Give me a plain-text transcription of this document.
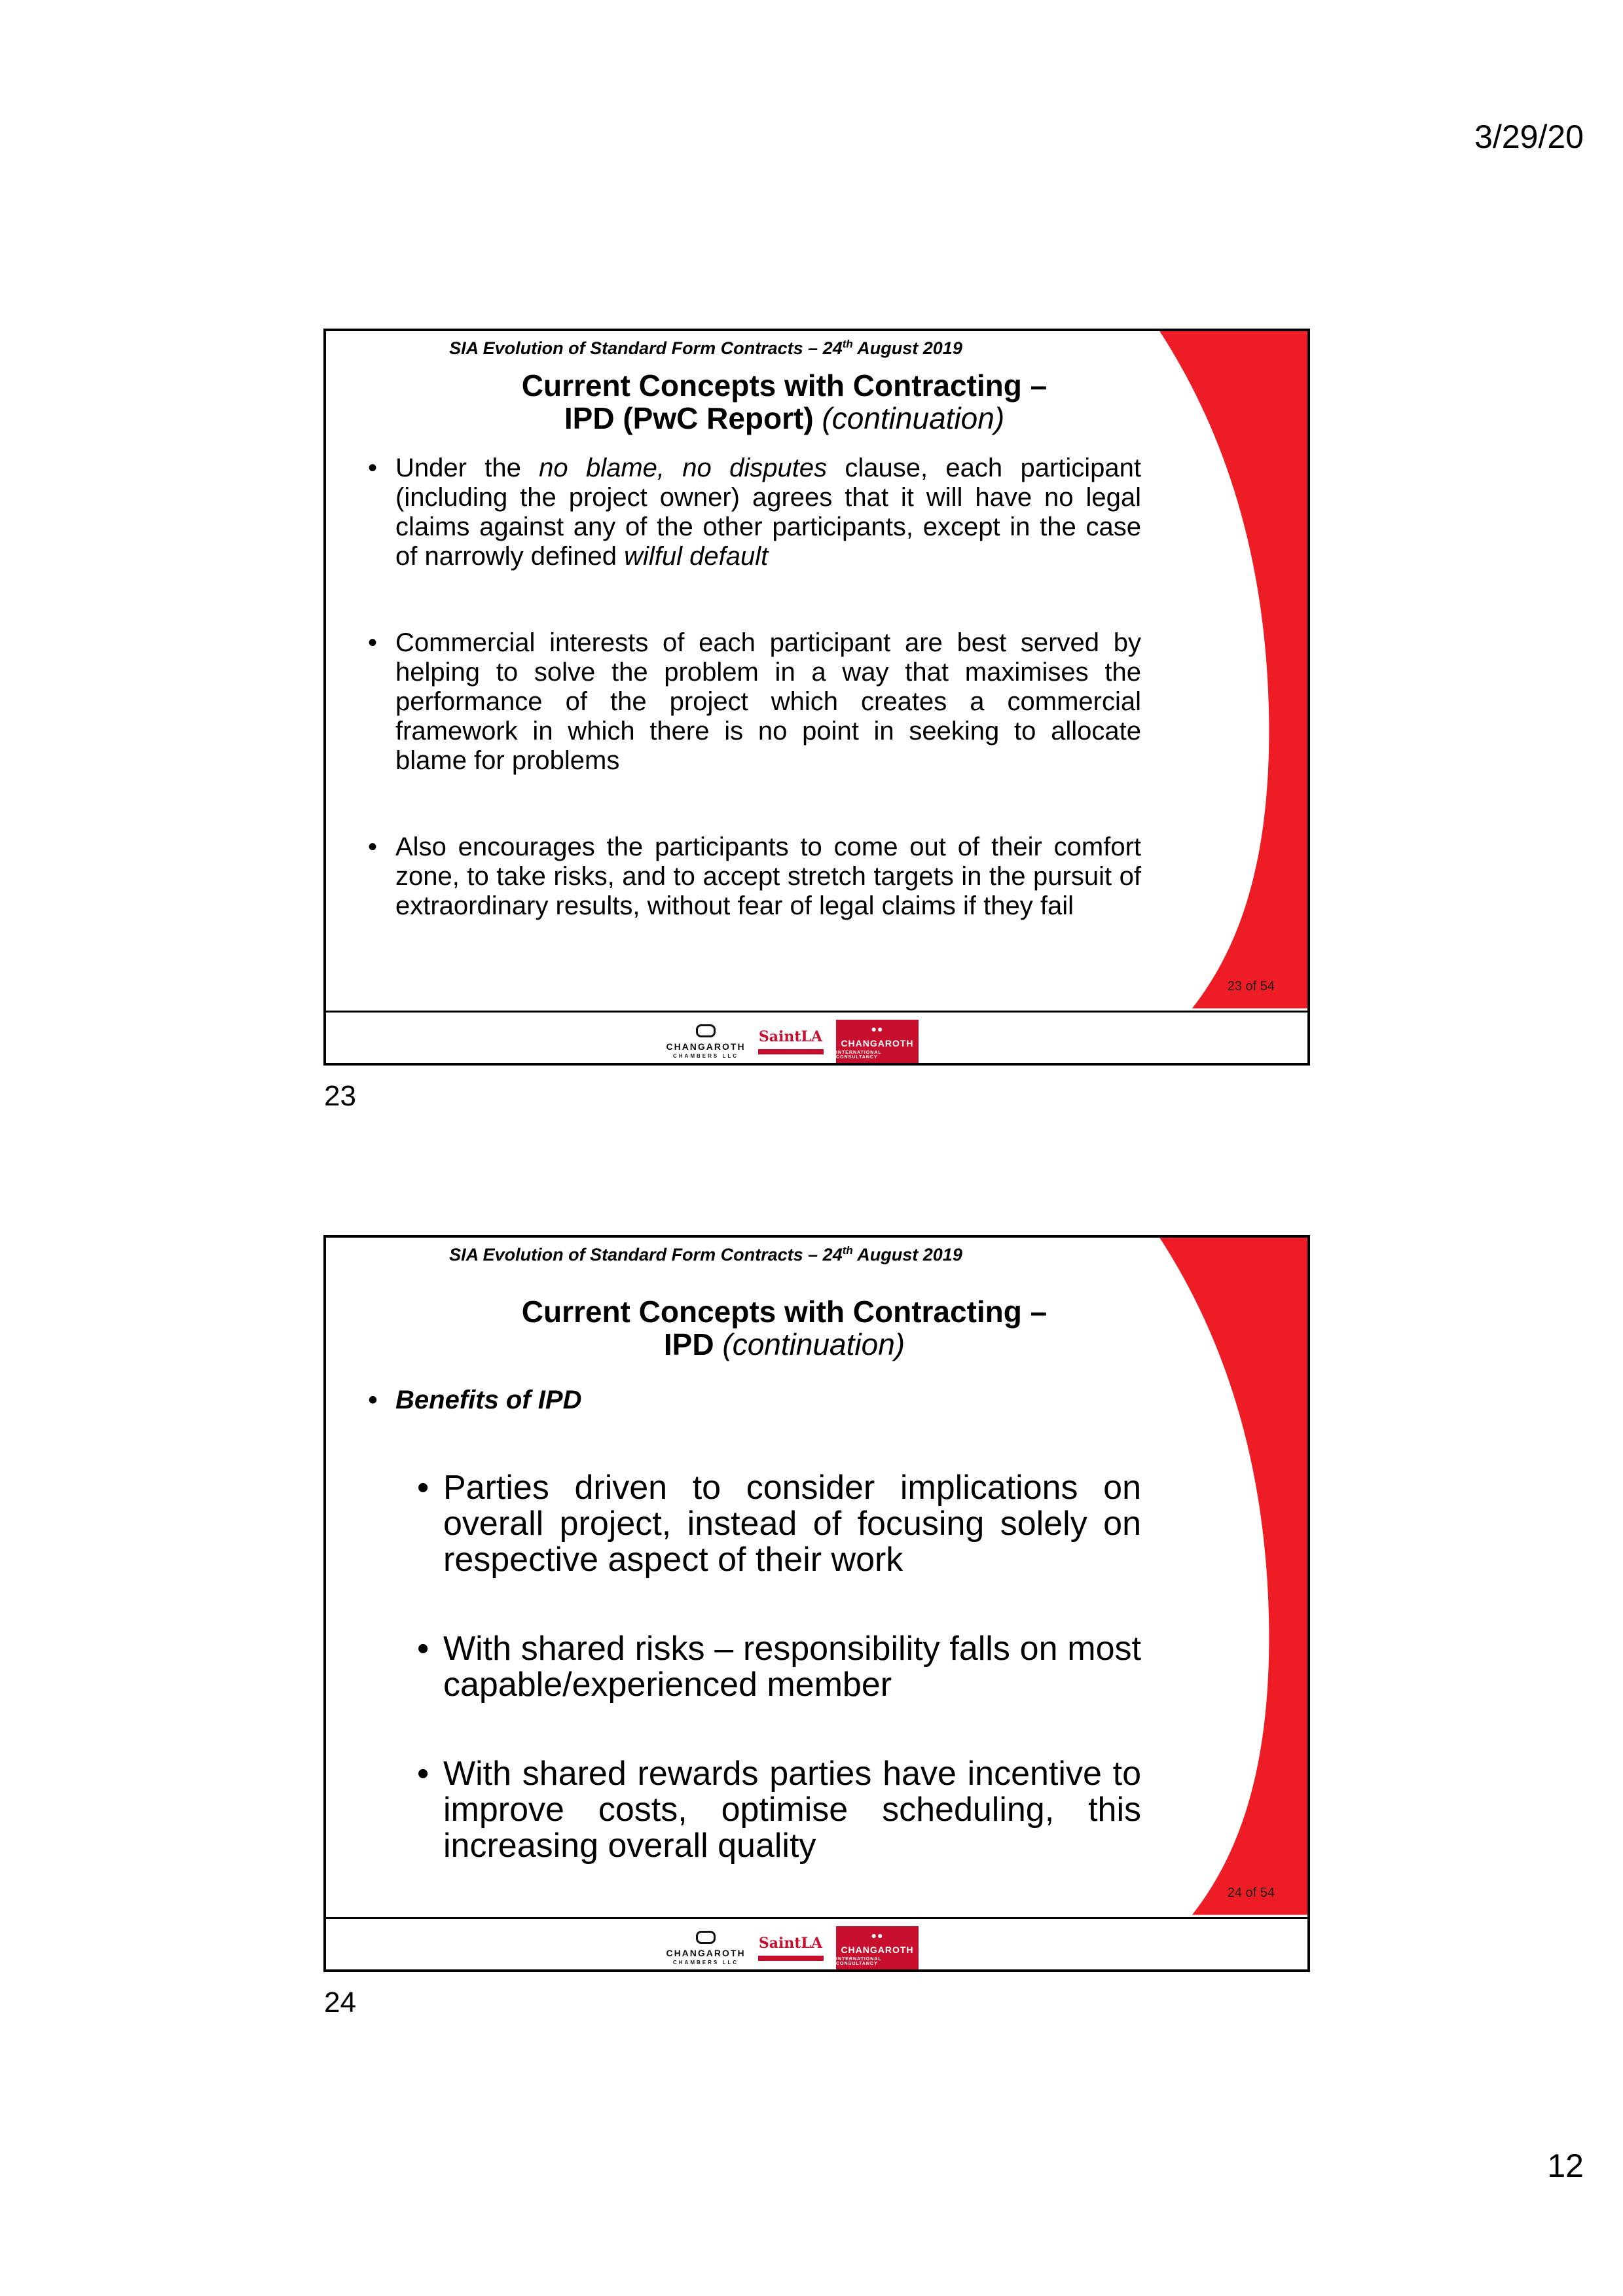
3/29/20
SIA Evolution of Standard Form Contracts – 24th August 2019
Current Concepts with Contracting –
IPD (PwC Report) (continuation)
• Under the no blame, no disputes clause, each participant (including the project owner) agrees that it will have no legal claims against any of the other participants, except in the case of narrowly defined wilful default
• Commercial interests of each participant are best served by helping to solve the problem in a way that maximises the performance of the project which creates a commercial framework in which there is no point in seeking to allocate blame for problems
• Also encourages the participants to come out of their comfort zone, to take risks, and to accept stretch targets in the pursuit of extraordinary results, without fear of legal claims if they fail
23 of 54
CHANGAROTH
CHAMBERS LLC
SaintLA	●●
CHANGAROTH
INTERNATIONAL CONSULTANCY
23
SIA Evolution of Standard Form Contracts – 24th August 2019
Current Concepts with Contracting –
IPD (continuation)
• Benefits of IPD
• Parties driven to consider implications on overall project, instead of focusing solely on respective aspect of their work
• With shared risks – responsibility falls on most capable/experienced member
• With shared rewards parties have incentive to improve costs, optimise scheduling, this increasing overall quality
24 of 54
CHANGAROTH
CHAMBERS LLC
SaintLA	●●
CHANGAROTH
INTERNATIONAL CONSULTANCY
24
12
